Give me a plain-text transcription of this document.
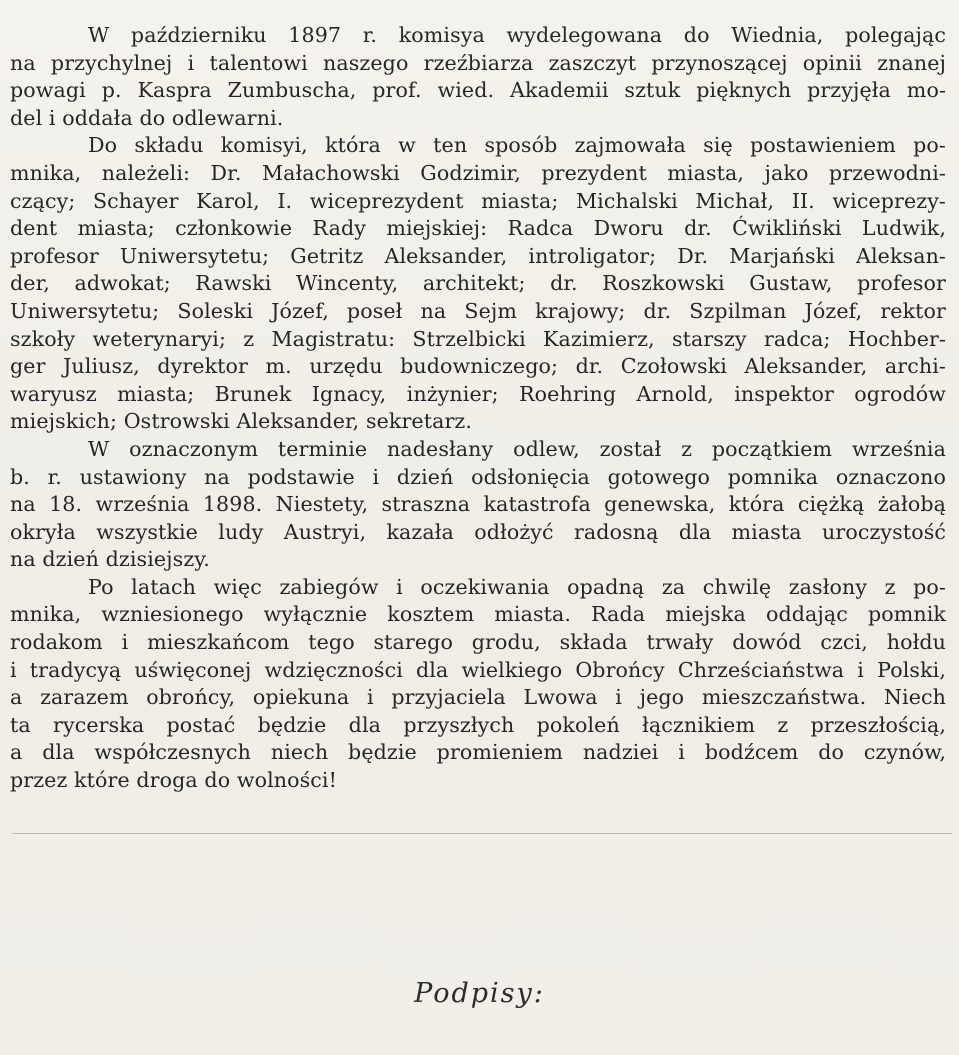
W październiku 1897 r. komisya wydelegowana do Wiednia, polegając
na przychylnej i talentowi naszego rzeźbiarza zaszczyt przynoszącej opinii znanej
powagi p. Kaspra Zumbuscha, prof. wied. Akademii sztuk pięknych przyjęła mo-
del i oddała do odlewarni.
Do składu komisyi, która w ten sposób zajmowała się postawieniem po-
mnika, należeli: Dr. Małachowski Godzimir, prezydent miasta, jako przewodni-
czący; Schayer Karol, I. wiceprezydent miasta; Michalski Michał, II. wiceprezy-
dent miasta; członkowie Rady miejskiej: Radca Dworu dr. Ćwikliński Ludwik,
profesor Uniwersytetu; Getritz Aleksander, introligator; Dr. Marjański Aleksan-
der, adwokat; Rawski Wincenty, architekt; dr. Roszkowski Gustaw, profesor
Uniwersytetu; Soleski Józef, poseł na Sejm krajowy; dr. Szpilman Józef, rektor
szkoły weterynaryi; z Magistratu: Strzelbicki Kazimierz, starszy radca; Hochber-
ger Juliusz, dyrektor m. urzędu budowniczego; dr. Czołowski Aleksander, archi-
waryusz miasta; Brunek Ignacy, inżynier; Roehring Arnold, inspektor ogrodów
miejskich; Ostrowski Aleksander, sekretarz.
W oznaczonym terminie nadesłany odlew, został z początkiem września
b. r. ustawiony na podstawie i dzień odsłonięcia gotowego pomnika oznaczono
na 18. września 1898. Niestety, straszna katastrofa genewska, która ciężką żałobą
okryła wszystkie ludy Austryi, kazała odłożyć radosną dla miasta uroczystość
na dzień dzisiejszy.
Po latach więc zabiegów i oczekiwania opadną za chwilę zasłony z po-
mnika, wzniesionego wyłącznie kosztem miasta. Rada miejska oddając pomnik
rodakom i mieszkańcom tego starego grodu, składa trwały dowód czci, hołdu
i tradycyą uświęconej wdzięczności dla wielkiego Obrońcy Chrześciaństwa i Polski,
a zarazem obrońcy, opiekuna i przyjaciela Lwowa i jego mieszczaństwa. Niech
ta rycerska postać będzie dla przyszłych pokoleń łącznikiem z przeszłością,
a dla współczesnych niech będzie promieniem nadziei i bodźcem do czynów,
przez które droga do wolności!
Podpisy:
